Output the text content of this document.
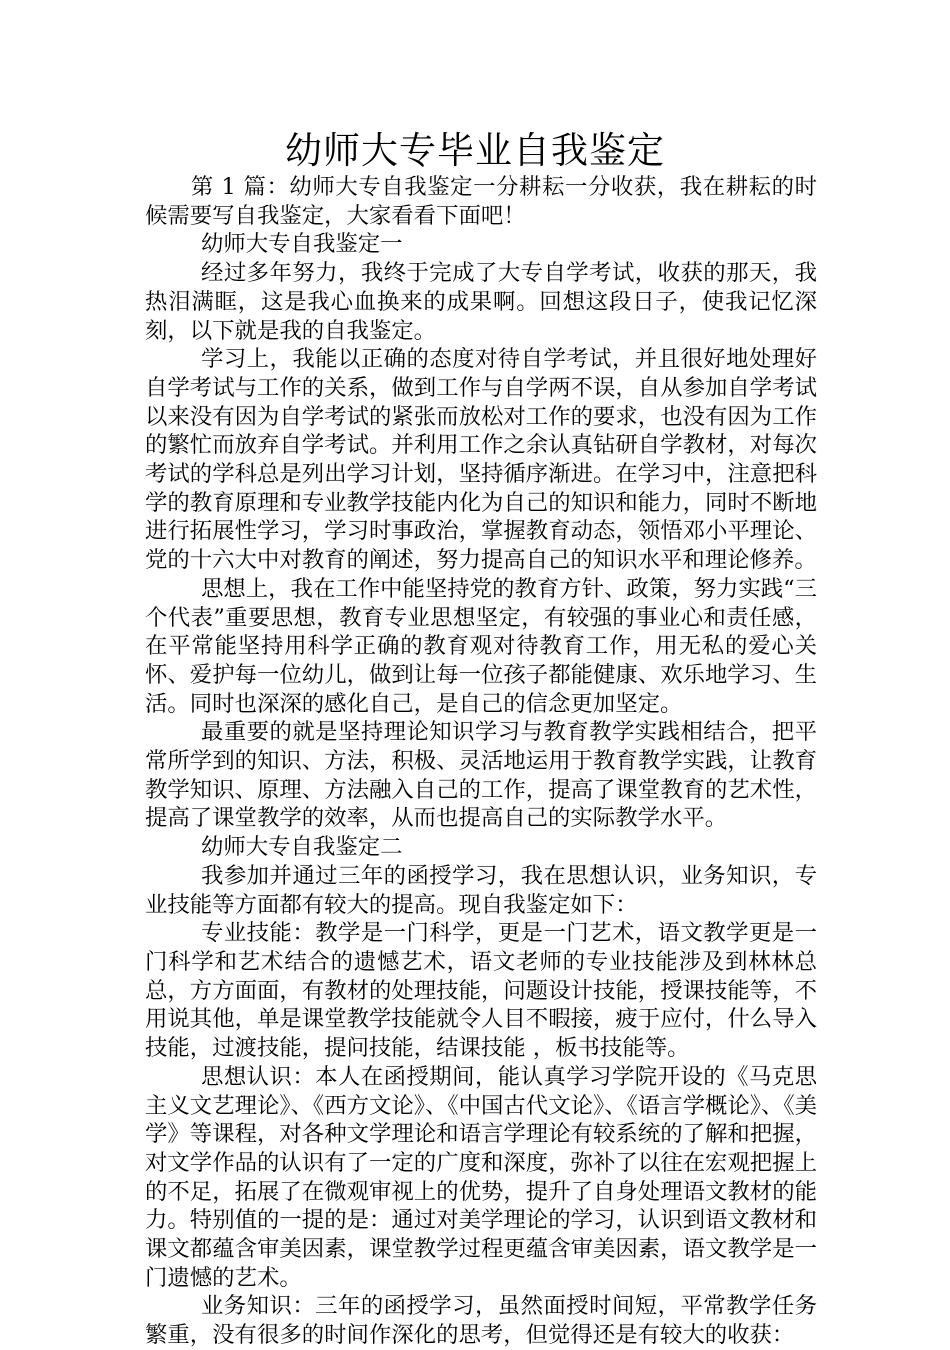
幼师大专毕业自我鉴定

第 1 篇：幼师大专自我鉴定一分耕耘一分收获，我在耕耘的时候需要写自我鉴定，大家看看下面吧！

幼师大专自我鉴定一

经过多年努力，我终于完成了大专自学考试，收获的那天，我热泪满眶，这是我心血换来的成果啊。回想这段日子，使我记忆深刻，以下就是我的自我鉴定。

学习上，我能以正确的态度对待自学考试，并且很好地处理好自学考试与工作的关系，做到工作与自学两不误，自从参加自学考试以来没有因为自学考试的紧张而放松对工作的要求，也没有因为工作的繁忙而放弃自学考试。并利用工作之余认真钻研自学教材，对每次考试的学科总是列出学习计划，坚持循序渐进。在学习中，注意把科学的教育原理和专业教学技能内化为自己的知识和能力，同时不断地进行拓展性学习，学习时事政治，掌握教育动态，领悟邓小平理论、党的十六大中对教育的阐述，努力提高自己的知识水平和理论修养。

思想上，我在工作中能坚持党的教育方针、政策，努力实践“三个代表”重要思想，教育专业思想坚定，有较强的事业心和责任感，在平常能坚持用科学正确的教育观对待教育工作，用无私的爱心关怀、爱护每一位幼儿，做到让每一位孩子都能健康、欢乐地学习、生活。同时也深深的感化自己，是自己的信念更加坚定。

最重要的就是坚持理论知识学习与教育教学实践相结合，把平常所学到的知识、方法，积极、灵活地运用于教育教学实践，让教育教学知识、原理、方法融入自己的工作，提高了课堂教育的艺术性，提高了课堂教学的效率，从而也提高自己的实际教学水平。

幼师大专自我鉴定二

我参加并通过三年的函授学习，我在思想认识，业务知识，专业技能等方面都有较大的提高。现自我鉴定如下：

专业技能：教学是一门科学，更是一门艺术，语文教学更是一门科学和艺术结合的遗憾艺术，语文老师的专业技能涉及到林林总总，方方面面，有教材的处理技能，问题设计技能，授课技能等，不用说其他，单是课堂教学技能就令人目不暇接，疲于应付，什么导入技能，过渡技能，提问技能，结课技能 ，板书技能等。

思想认识：本人在函授期间，能认真学习学院开设的《马克思主义文艺理论》、《西方文论》、《中国古代文论》、《语言学概论》、《美学》等课程，对各种文学理论和语言学理论有较系统的了解和把握，对文学作品的认识有了一定的广度和深度，弥补了以往在宏观把握上的不足，拓展了在微观审视上的优势，提升了自身处理语文教材的能力。特别值的一提的是：通过对美学理论的学习，认识到语文教材和课文都蕴含审美因素，课堂教学过程更蕴含审美因素，语文教学是一门遗憾的艺术。

业务知识：三年的函授学习，虽然面授时间短，平常教学任务繁重，没有很多的时间作深化的思考，但觉得还是有较大的收获：
